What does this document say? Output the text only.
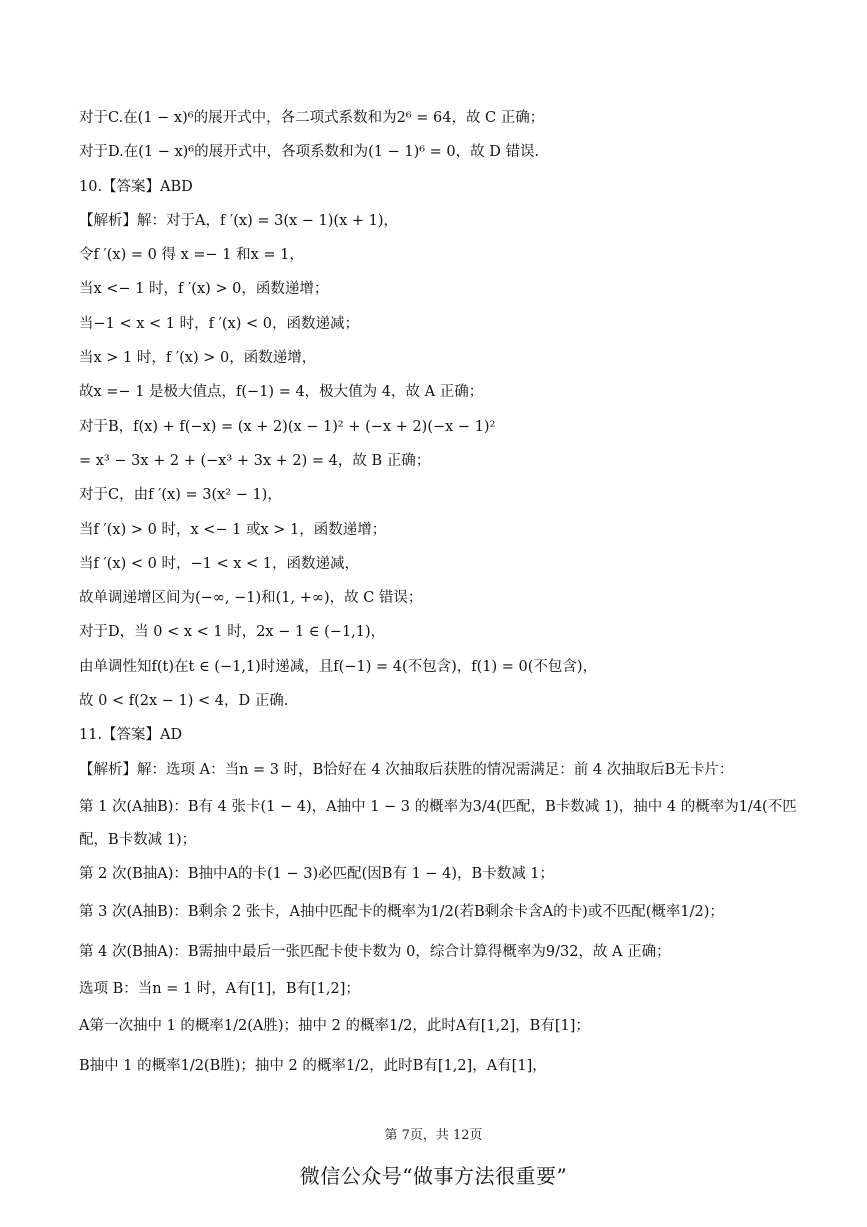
对于C.在(1 − x)⁶的展开式中，各二项式系数和为2⁶ = 64，故 C 正确；
对于D.在(1 − x)⁶的展开式中，各项系数和为(1 − 1)⁶ = 0，故 D 错误.
10.【答案】ABD
【解析】解：对于A，f ′(x) = 3(x − 1)(x + 1)，
令f ′(x) = 0 得 x =− 1 和x = 1，
当x <− 1 时，f ′(x) > 0，函数递增；
当−1 < x < 1 时，f ′(x) < 0，函数递减；
当x > 1 时，f ′(x) > 0，函数递增，
故x =− 1 是极大值点，f(−1) = 4，极大值为 4，故 A 正确；
对于B，f(x) + f(−x) = (x + 2)(x − 1)² + (−x + 2)(−x − 1)²
= x³ − 3x + 2 + (−x³ + 3x + 2) = 4，故 B 正确；
对于C，由f ′(x) = 3(x² − 1)，
当f ′(x) > 0 时，x <− 1 或x > 1，函数递增；
当f ′(x) < 0 时，−1 < x < 1，函数递减，
故单调递增区间为(−∞, −1)和(1, +∞)，故 C 错误；
对于D，当 0 < x < 1 时，2x − 1 ∈ (−1,1)，
由单调性知f(t)在t ∈ (−1,1)时递减，且f(−1) = 4(不包含)，f(1) = 0(不包含)，
故 0 < f(2x − 1) < 4，D 正确.
11.【答案】AD
【解析】解：选项 A：当n = 3 时，B恰好在 4 次抽取后获胜的情况需满足：前 4 次抽取后B无卡片：
第 1 次(A抽B)：B有 4 张卡(1 − 4)，A抽中 1 − 3 的概率为3/4(匹配，B卡数减 1)，抽中 4 的概率为1/4(不匹
配，B卡数减 1)；
第 2 次(B抽A)：B抽中A的卡(1 − 3)必匹配(因B有 1 − 4)，B卡数减 1；
第 3 次(A抽B)：B剩余 2 张卡，A抽中匹配卡的概率为1/2(若B剩余卡含A的卡)或不匹配(概率1/2)；
第 4 次(B抽A)：B需抽中最后一张匹配卡使卡数为 0，综合计算得概率为9/32，故 A 正确；
选项 B：当n = 1 时，A有[1]，B有[1,2]；
A第一次抽中 1 的概率1/2(A胜)；抽中 2 的概率1/2，此时A有[1,2]，B有[1]；
B抽中 1 的概率1/2(B胜)；抽中 2 的概率1/2，此时B有[1,2]，A有[1]，
第 7页，共 12页
微信公众号“做事方法很重要”
